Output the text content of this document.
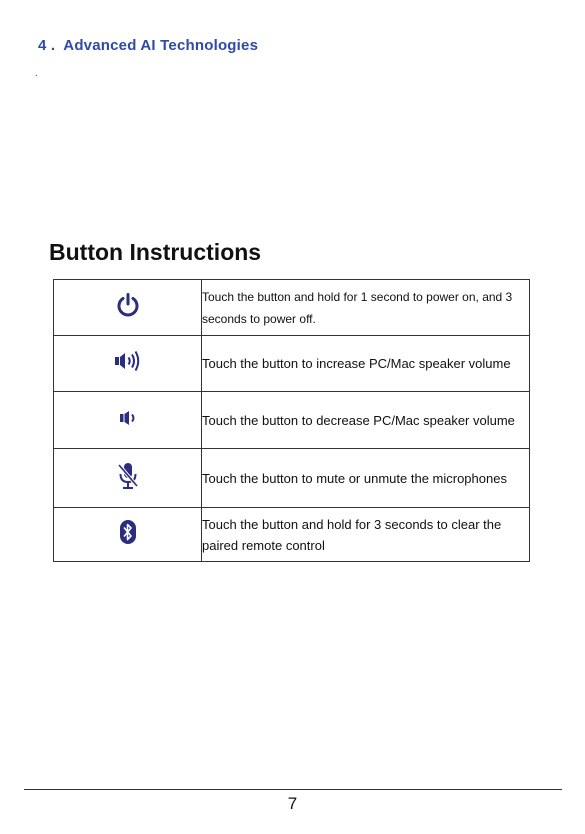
4 . Advanced AI Technologies
.
Button Instructions
	Touch the button and hold for 1 second to power on, and 3 seconds to power off.
	Touch the button to increase PC/Mac speaker volume
	Touch the button to decrease PC/Mac speaker volume
	Touch the button to mute or unmute the microphones
	Touch the button and hold for 3 seconds to clear the paired remote control
7
